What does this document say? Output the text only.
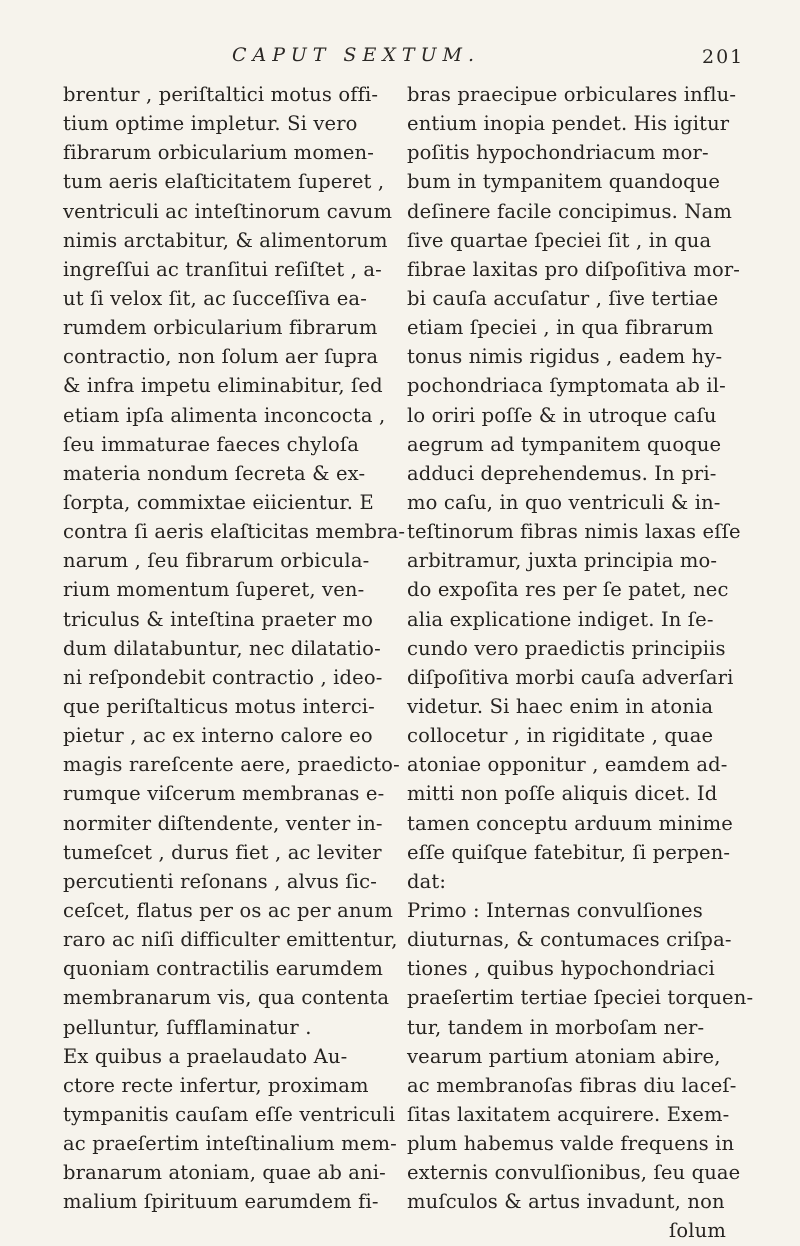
CAPUT SEXTUM.	201
brentur , periſtaltici motus offi-
tium optime impletur. Si vero
fibrarum orbicularium momen-
tum aeris elaſticitatem ſuperet ,
ventriculi ac inteſtinorum cavum
nimis arctabitur, & alimentorum
ingreſſui ac tranſitui reſiſtet , a-
ut ſi velox ſit, ac ſucceſſiva ea-
rumdem orbicularium fibrarum
contractio, non ſolum aer ſupra
& infra impetu eliminabitur, ſed
etiam ipſa alimenta inconcocta ,
ſeu immaturae faeces chyloſa
materia nondum ſecreta & ex-
ſorpta, commixtae eiicientur. E
contra ſi aeris elaſticitas membra-
narum , ſeu fibrarum orbicula-
rium momentum ſuperet, ven-
triculus & inteſtina praeter mo
dum dilatabuntur, nec dilatatio-
ni reſpondebit contractio , ideo-
que periſtalticus motus interci-
pietur , ac ex interno calore eo
magis rareſcente aere, praedicto-
rumque viſcerum membranas e-
normiter diſtendente, venter in-
tumeſcet , durus fiet , ac leviter
percutienti reſonans , alvus ſic-
ceſcet, flatus per os ac per anum
raro ac niſi difficulter emittentur,
quoniam contractilis earumdem
membranarum vis, qua contenta
pelluntur, ſufflaminatur .
Ex quibus a praelaudato Au-
ctore recte infertur, proximam
tympanitis cauſam eſſe ventriculi
ac praeſertim inteſtinalium mem-
branarum atoniam, quae ab ani-
malium ſpirituum earumdem fi-
bras praecipue orbiculares influ-
entium inopia pendet. His igitur
poſitis hypochondriacum mor-
bum in tympanitem quandoque
deſinere facile concipimus. Nam
ſive quartae ſpeciei ſit , in qua
fibrae laxitas pro diſpoſitiva mor-
bi cauſa accuſatur , ſive tertiae
etiam ſpeciei , in qua fibrarum
tonus nimis rigidus , eadem hy-
pochondriaca ſymptomata ab il-
lo oriri poſſe & in utroque caſu
aegrum ad tympanitem quoque
adduci deprehendemus. In pri-
mo caſu, in quo ventriculi & in-
teſtinorum fibras nimis laxas eſſe
arbitramur, juxta principia mo-
do expoſita res per ſe patet, nec
alia explicatione indiget. In ſe-
cundo vero praedictis principiis
diſpoſitiva morbi cauſa adverſari
videtur. Si haec enim in atonia
collocetur , in rigiditate , quae
atoniae opponitur , eamdem ad-
mitti non poſſe aliquis dicet. Id
tamen conceptu arduum minime
eſſe quiſque fatebitur, ſi perpen-
dat:
Primo : Internas convulſiones
diuturnas, & contumaces criſpa-
tiones , quibus hypochondriaci
praeſertim tertiae ſpeciei torquen-
tur, tandem in morboſam ner-
vearum partium atoniam abire,
ac membranoſas fibras diu laceſ-
ſitas laxitatem acquirere. Exem-
plum habemus valde frequens in
externis convulſionibus, ſeu quae
muſculos & artus invadunt, non
ſolum
